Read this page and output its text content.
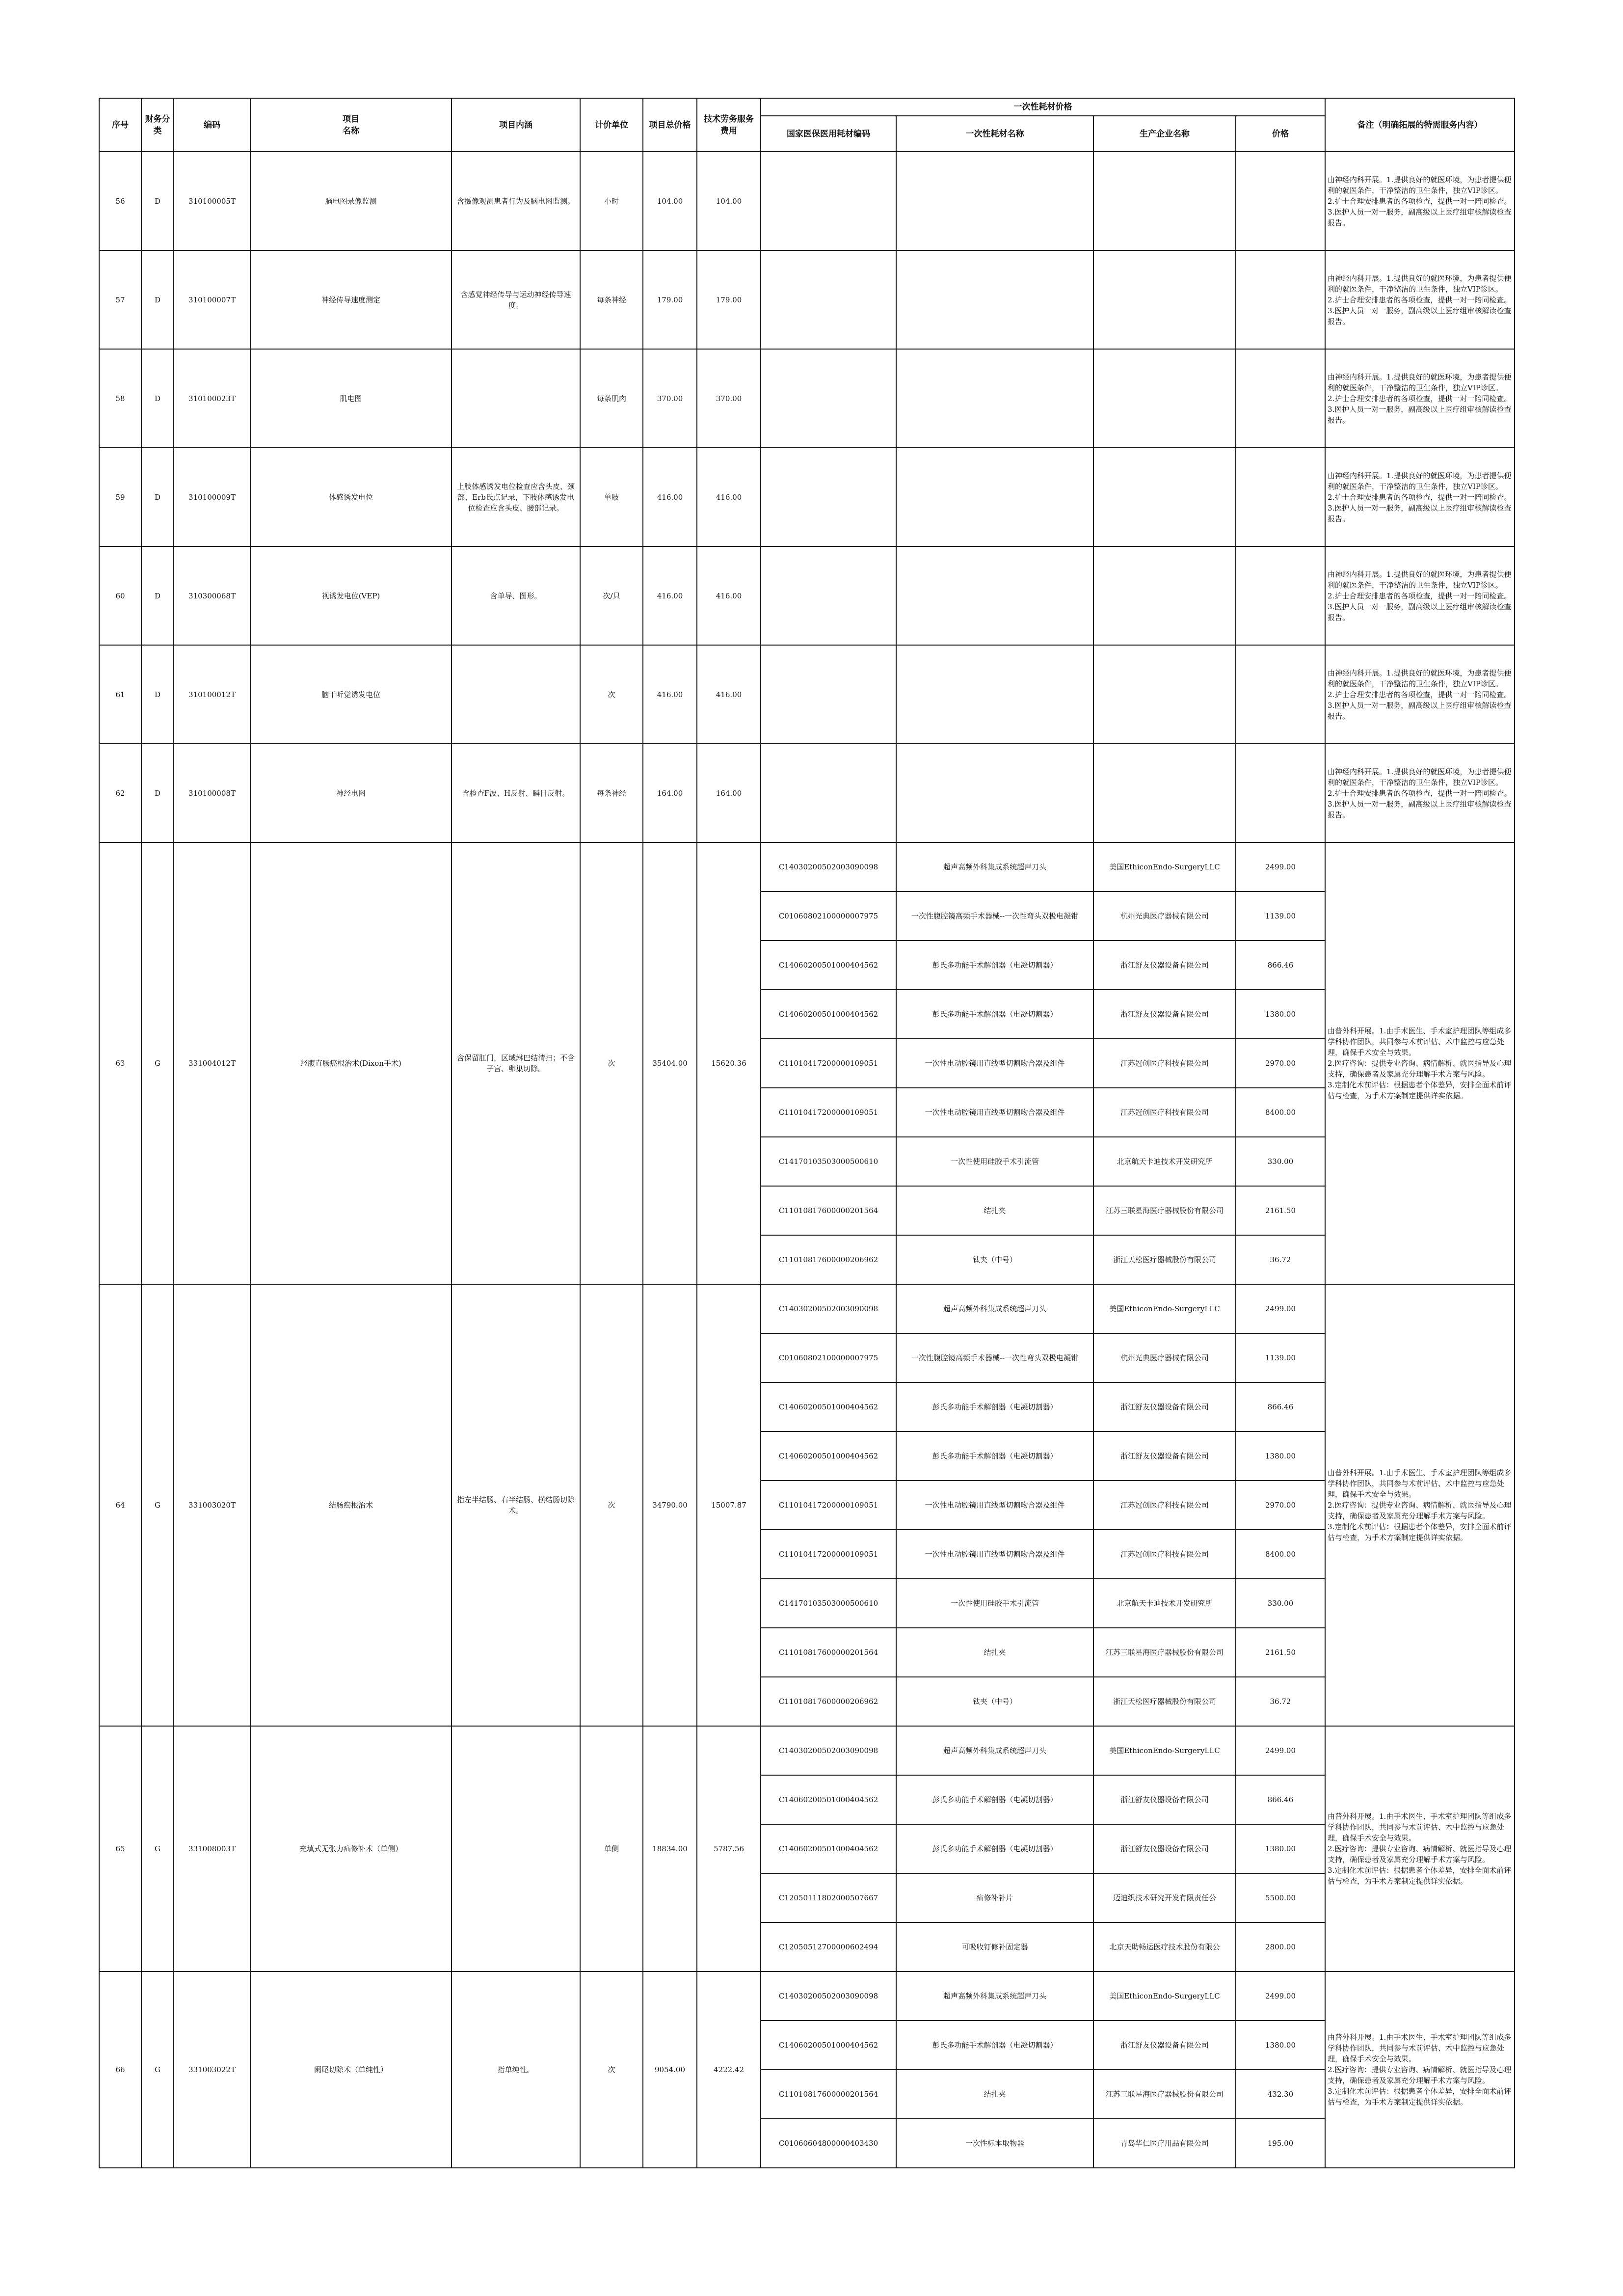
序号	财务分类	编码	项目
名称	项目内涵	计价单位	项目总价格	技术劳务服务费用	一次性耗材价格				备注（明确拓展的特需服务内容）
								国家医保医用耗材编码	一次性耗材名称	生产企业名称	价格	
56	D	310100005T	脑电图录像监测	含摄像观测患者行为及脑电图监测。	小时	104.00	104.00					由神经内科开展。1.提供良好的就医环境，为患者提供便利的就医条件，干净整洁的卫生条件，独立VIP诊区。
2.护士合理安排患者的各项检查，提供一对一陪同检查。3.医护人员一对一服务，副高级以上医疗组审核解读检查报告。
57	D	310100007T	神经传导速度测定	含感觉神经传导与运动神经传导速度。	每条神经	179.00	179.00					由神经内科开展。1.提供良好的就医环境，为患者提供便利的就医条件，干净整洁的卫生条件，独立VIP诊区。
2.护士合理安排患者的各项检查，提供一对一陪同检查。3.医护人员一对一服务，副高级以上医疗组审核解读检查报告。
58	D	310100023T	肌电图		每条肌肉	370.00	370.00					由神经内科开展。1.提供良好的就医环境，为患者提供便利的就医条件，干净整洁的卫生条件，独立VIP诊区。
2.护士合理安排患者的各项检查，提供一对一陪同检查。3.医护人员一对一服务，副高级以上医疗组审核解读检查报告。
59	D	310100009T	体感诱发电位	上肢体感诱发电位检查应含头皮、颈部、Erb氏点记录，下肢体感诱发电位检查应含头皮、腰部记录。	单肢	416.00	416.00					由神经内科开展。1.提供良好的就医环境，为患者提供便利的就医条件，干净整洁的卫生条件，独立VIP诊区。
2.护士合理安排患者的各项检查，提供一对一陪同检查。3.医护人员一对一服务，副高级以上医疗组审核解读检查报告。
60	D	310300068T	视诱发电位(VEP)	含单导、图形。	次/只	416.00	416.00					由神经内科开展。1.提供良好的就医环境，为患者提供便利的就医条件，干净整洁的卫生条件，独立VIP诊区。
2.护士合理安排患者的各项检查，提供一对一陪同检查。3.医护人员一对一服务，副高级以上医疗组审核解读检查报告。
61	D	310100012T	脑干听觉诱发电位		次	416.00	416.00					由神经内科开展。1.提供良好的就医环境，为患者提供便利的就医条件，干净整洁的卫生条件，独立VIP诊区。
2.护士合理安排患者的各项检查，提供一对一陪同检查。3.医护人员一对一服务，副高级以上医疗组审核解读检查报告。
62	D	310100008T	神经电图	含检查F波、H反射、瞬目反射。	每条神经	164.00	164.00					由神经内科开展。1.提供良好的就医环境，为患者提供便利的就医条件，干净整洁的卫生条件，独立VIP诊区。
2.护士合理安排患者的各项检查，提供一对一陪同检查。3.医护人员一对一服务，副高级以上医疗组审核解读检查报告。
63	G	331004012T	经腹直肠癌根治术(Dixon手术)	含保留肛门，区域淋巴结清扫；不含子宫、卵巢切除。	次	35404.00	15620.36	C14030200502003090098	超声高频外科集成系统超声刀头	美国EthiconEndo-SurgeryLLC	2499.00	由普外科开展。1.由手术医生、手术室护理团队等组成多学科协作团队，共同参与术前评估、术中监控与应急处理，确保手术安全与效果。
2.医疗咨询：提供专业咨询、病情解析、就医指导及心理支持，确保患者及家属充分理解手术方案与风险。
3.定制化术前评估：根据患者个体差异，安排全面术前评估与检查，为手术方案制定提供详实依据。
								C01060802100000007975	一次性腹腔镜高频手术器械--一次性弯头双极电凝钳	杭州光典医疗器械有限公司	1139.00	
								C14060200501000404562	彭氏多功能手术解剖器（电凝切割器）	浙江舒友仪器设备有限公司	866.46	
								C14060200501000404562	彭氏多功能手术解剖器（电凝切割器）	浙江舒友仪器设备有限公司	1380.00	
								C11010417200000109051	一次性电动腔镜用直线型切割吻合器及组件	江苏冠创医疗科技有限公司	2970.00	
								C11010417200000109051	一次性电动腔镜用直线型切割吻合器及组件	江苏冠创医疗科技有限公司	8400.00	
								C14170103503000500610	一次性使用硅胶手术引流管	北京航天卡迪技术开发研究所	330.00	
								C11010817600000201564	结扎夹	江苏三联星海医疗器械股份有限公司	2161.50	
								C11010817600000206962	钛夹（中号）	浙江天松医疗器械股份有限公司	36.72	
64	G	331003020T	结肠癌根治术	指左半结肠、右半结肠、横结肠切除术。	次	34790.00	15007.87	C14030200502003090098	超声高频外科集成系统超声刀头	美国EthiconEndo-SurgeryLLC	2499.00	由普外科开展。1.由手术医生、手术室护理团队等组成多学科协作团队，共同参与术前评估、术中监控与应急处理，确保手术安全与效果。
2.医疗咨询：提供专业咨询、病情解析、就医指导及心理支持，确保患者及家属充分理解手术方案与风险。
3.定制化术前评估：根据患者个体差异，安排全面术前评估与检查，为手术方案制定提供详实依据。
								C01060802100000007975	一次性腹腔镜高频手术器械--一次性弯头双极电凝钳	杭州光典医疗器械有限公司	1139.00	
								C14060200501000404562	彭氏多功能手术解剖器（电凝切割器）	浙江舒友仪器设备有限公司	866.46	
								C14060200501000404562	彭氏多功能手术解剖器（电凝切割器）	浙江舒友仪器设备有限公司	1380.00	
								C11010417200000109051	一次性电动腔镜用直线型切割吻合器及组件	江苏冠创医疗科技有限公司	2970.00	
								C11010417200000109051	一次性电动腔镜用直线型切割吻合器及组件	江苏冠创医疗科技有限公司	8400.00	
								C14170103503000500610	一次性使用硅胶手术引流管	北京航天卡迪技术开发研究所	330.00	
								C11010817600000201564	结扎夹	江苏三联星海医疗器械股份有限公司	2161.50	
								C11010817600000206962	钛夹（中号）	浙江天松医疗器械股份有限公司	36.72	
65	G	331008003T	充填式无张力疝修补术（单侧）		单侧	18834.00	5787.56	C14030200502003090098	超声高频外科集成系统超声刀头	美国EthiconEndo-SurgeryLLC	2499.00	由普外科开展。1.由手术医生、手术室护理团队等组成多学科协作团队，共同参与术前评估、术中监控与应急处理，确保手术安全与效果。
2.医疗咨询：提供专业咨询、病情解析、就医指导及心理支持，确保患者及家属充分理解手术方案与风险。
3.定制化术前评估：根据患者个体差异，安排全面术前评估与检查，为手术方案制定提供详实依据。
								C14060200501000404562	彭氏多功能手术解剖器（电凝切割器）	浙江舒友仪器设备有限公司	866.46	
								C14060200501000404562	彭氏多功能手术解剖器（电凝切割器）	浙江舒友仪器设备有限公司	1380.00	
								C12050111802000507667	疝修补补片	迈迪织技术研究开发有限责任公	5500.00	
								C12050512700000602494	可吸收钉修补固定器	北京天助畅运医疗技术股份有限公	2800.00	
66	G	331003022T	阑尾切除术（单纯性）	指单纯性。	次	9054.00	4222.42	C14030200502003090098	超声高频外科集成系统超声刀头	美国EthiconEndo-SurgeryLLC	2499.00	由普外科开展。1.由手术医生、手术室护理团队等组成多学科协作团队，共同参与术前评估、术中监控与应急处理，确保手术安全与效果。
2.医疗咨询：提供专业咨询、病情解析、就医指导及心理支持，确保患者及家属充分理解手术方案与风险。
3.定制化术前评估：根据患者个体差异，安排全面术前评估与检查，为手术方案制定提供详实依据。
								C14060200501000404562	彭氏多功能手术解剖器（电凝切割器）	浙江舒友仪器设备有限公司	1380.00	
								C11010817600000201564	结扎夹	江苏三联星海医疗器械股份有限公司	432.30	
								C01060604800000403430	一次性标本取物器	青岛华仁医疗用品有限公司	195.00	
